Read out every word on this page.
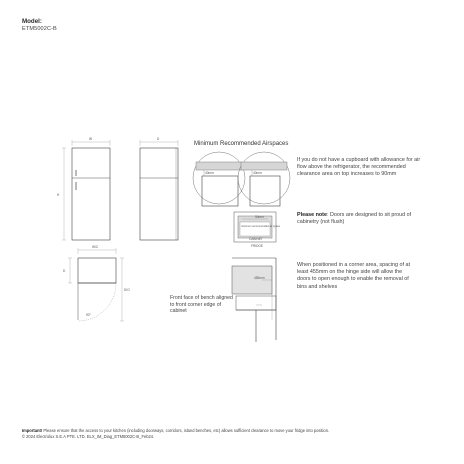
Model:
ETM5002C-B
Minimum Recommended Airspaces
If you do not have a cupboard with allowance for air flow above the refrigerator, the recommended clearance area on top increases to 90mm
Please note: Doors are designed to sit proud of cabinetry (not flush)
When positioned in a corner area, spacing of at least 455mm on the hinge side will allow the doors to open enough to enable the removal of bins and shelves
Front face of bench aligned to front corner edge of cabinet
Important! Please ensure that the access to your kitchen (including doorways, corridors, island benches, etc) allows sufficient clearance to move your fridge into position.
© 2024 Electrolux S.E.A PTE. LTD. ELX_IM_Diag_ETM5002C-B_Feb24.
W
H
D
W/C
D
D/O
90°
40mm	40mm
50mm
minimum recommended air space
CABINET
FRIDGE
455mm
